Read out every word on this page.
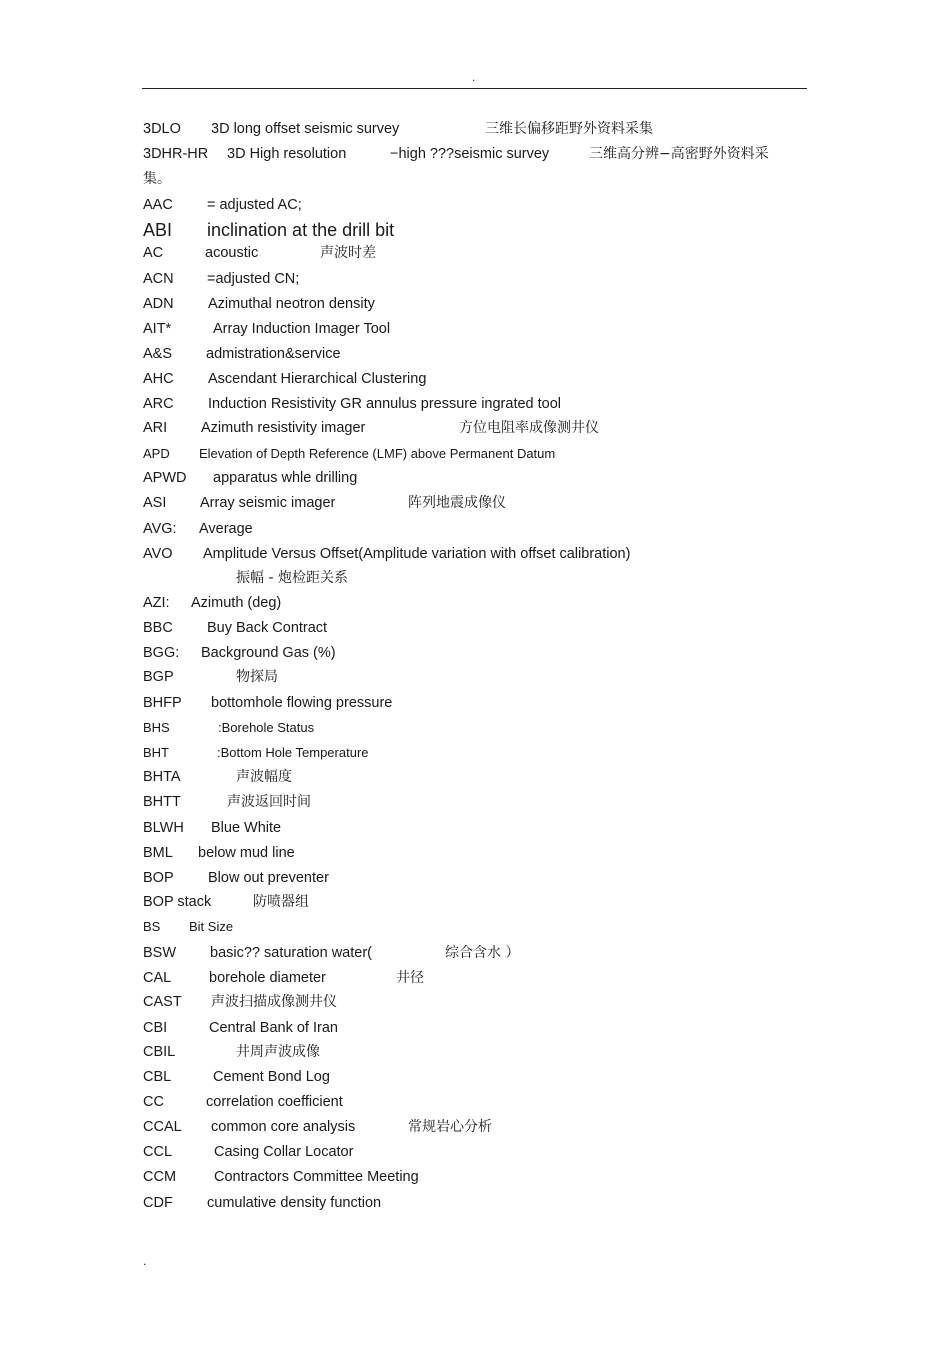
.
3DLO 3D long offset seismic survey	三维长偏移距野外资料采集
3DHR-HR 3D High resolution	−high ???seismic survey	三维高分辨−高密野外资料采
集。
AAC = adjusted AC;
ABI inclination at the drill bit
AC	acoustic	声波时差
ACN =adjusted CN;
ADN Azimuthal neotron density
AIT*	Array Induction Imager Tool
A&S admistration&service
AHC Ascendant Hierarchical Clustering
ARC Induction Resistivity GR annulus pressure ingrated tool
ARI Azimuth resistivity imager	方位电阻率成像测井仪
APD Elevation of Depth Reference (LMF) above Permanent Datum
APWD apparatus whle drilling
ASI Array seismic imager	阵列地震成像仪
AVG: Average
AVO Amplitude Versus Offset(Amplitude variation with offset calibration)
振幅 - 炮检距关系
AZI: Azimuth (deg)
BBC Buy Back Contract
BGG: Background Gas (%)
BGP	物探局
BHFP bottomhole flowing pressure
BHS	:Borehole Status
BHT	:Bottom Hole Temperature
BHTA	声波幅度
BHTT	声波返回时间
BLWH Blue White
BML below mud line
BOP Blow out preventer
BOP stack	防喷器组
BS Bit Size
BSW basic?? saturation water(	综合含水 ）
CAL	borehole diameter	井径
CAST 声波扫描成像测井仪
CBI	Central Bank of Iran
CBIL	井周声波成像
CBL	Cement Bond Log
CC	correlation coefficient
CCAL common core analysis	常规岩心分析
CCL	Casing Collar Locator
CCM	Contractors Committee Meeting
CDF cumulative density function
.
